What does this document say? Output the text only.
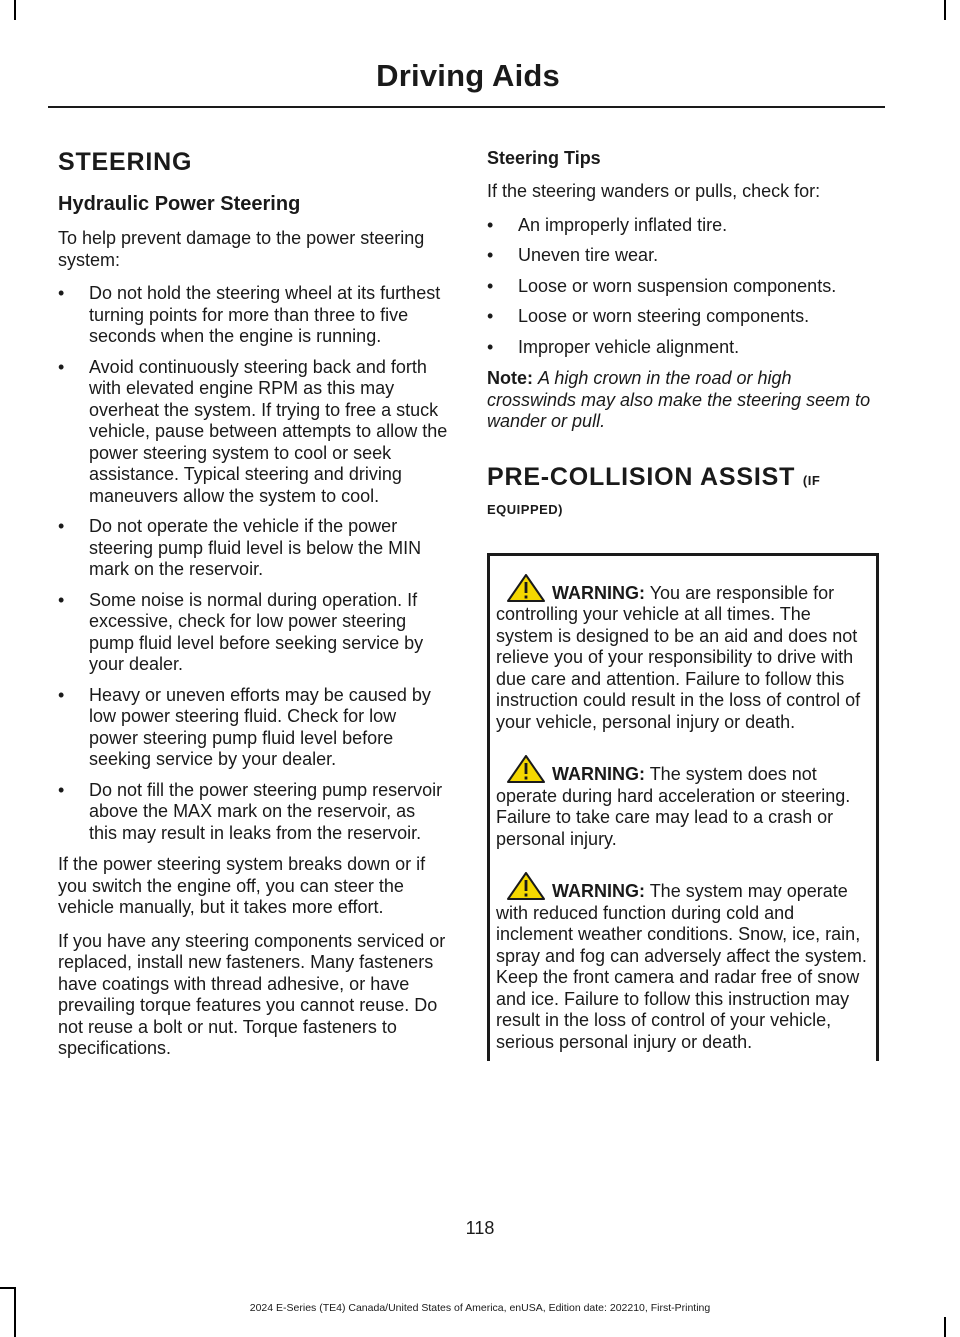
Driving Aids
STEERING
Hydraulic Power Steering

To help prevent damage to the power steering system:

• Do not hold the steering wheel at its furthest turning points for more than three to five seconds when the engine is running.
• Avoid continuously steering back and forth with elevated engine RPM as this may overheat the system. If trying to free a stuck vehicle, pause between attempts to allow the power steering system to cool or seek assistance. Typical steering and driving maneuvers allow the system to cool.
• Do not operate the vehicle if the power steering pump fluid level is below the MIN mark on the reservoir.
• Some noise is normal during operation. If excessive, check for low power steering pump fluid level before seeking service by your dealer.
• Heavy or uneven efforts may be caused by low power steering fluid. Check for low power steering pump fluid level before seeking service by your dealer.
• Do not fill the power steering pump reservoir above the MAX mark on the reservoir, as this may result in leaks from the reservoir.

If the power steering system breaks down or if you switch the engine off, you can steer the vehicle manually, but it takes more effort.

If you have any steering components serviced or replaced, install new fasteners. Many fasteners have coatings with thread adhesive, or have prevailing torque features you cannot reuse. Do not reuse a bolt or nut. Torque fasteners to specifications.

Steering Tips

If the steering wanders or pulls, check for:

• An improperly inflated tire.
• Uneven tire wear.
• Loose or worn suspension components.
• Loose or worn steering components.
• Improper vehicle alignment.

Note: A high crown in the road or high crosswinds may also make the steering seem to wander or pull.

PRE-COLLISION ASSIST (IF EQUIPPED)

WARNING: You are responsible for controlling your vehicle at all times. The system is designed to be an aid and does not relieve you of your responsibility to drive with due care and attention. Failure to follow this instruction could result in the loss of control of your vehicle, personal injury or death.

WARNING: The system does not operate during hard acceleration or steering. Failure to take care may lead to a crash or personal injury.

WARNING: The system may operate with reduced function during cold and inclement weather conditions. Snow, ice, rain, spray and fog can adversely affect the system. Keep the front camera and radar free of snow and ice. Failure to follow this instruction may result in the loss of control of your vehicle, serious personal injury or death.

118
2024 E-Series (TE4) Canada/United States of America, enUSA, Edition date: 202210, First-Printing
